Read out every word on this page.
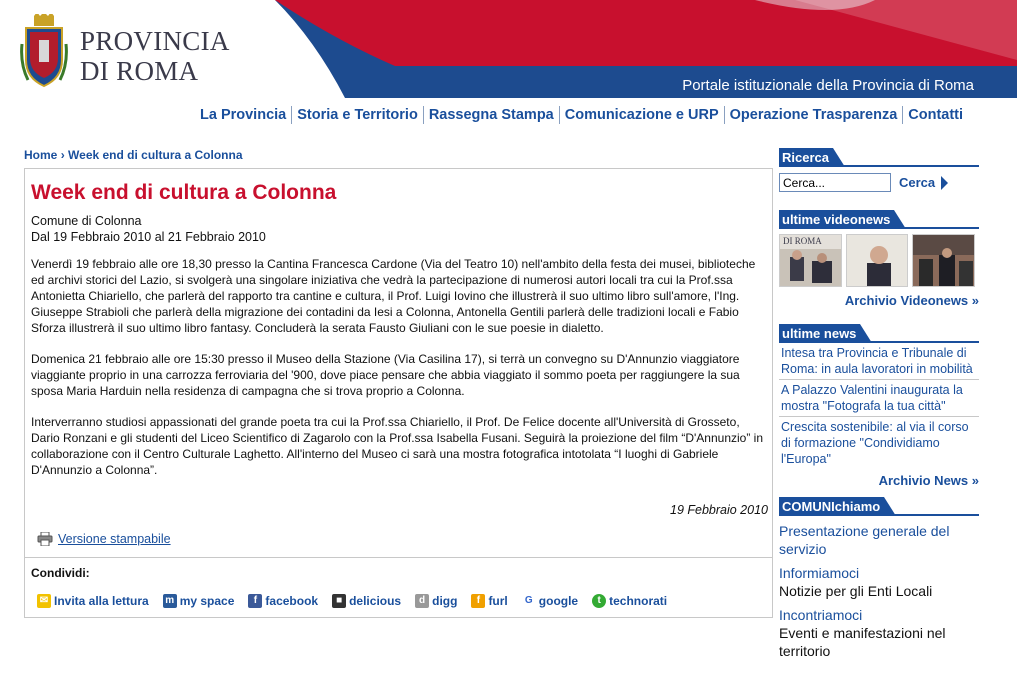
PROVINCIA
DI ROMA	Portale istituzionale della Provincia di Roma
La Provincia Storia e Territorio Rassegna Stampa Comunicazione e URP Operazione Trasparenza Contatti
Home › Week end di cultura a Colonna
Week end di cultura a Colonna
Comune di Colonna
Dal 19 Febbraio 2010 al 21 Febbraio 2010

Venerdì 19 febbraio alle ore 18,30 presso la Cantina Francesca Cardone (Via del Teatro 10) nell'ambito della festa dei musei, biblioteche ed archivi storici del Lazio, si svolgerà una singolare iniziativa che vedrà la partecipazione di numerosi autori locali tra cui la Prof.ssa Antonietta Chiariello, che parlerà del rapporto tra cantine e cultura, il Prof. Luigi Iovino che illustrerà il suo ultimo libro sull'amore, l'Ing. Giuseppe Strabioli che parlerà della migrazione dei contadini da Iesi a Colonna, Antonella Gentili parlerà delle tradizioni locali e Fabio Sforza illustrerà il suo ultimo libro fantasy. Concluderà la serata Fausto Giuliani con le sue poesie in dialetto.

Domenica 21 febbraio alle ore 15:30 presso il Museo della Stazione (Via Casilina 17), si terrà un convegno su D'Annunzio viaggiatore viaggiante proprio in una carrozza ferroviaria del '900, dove piace pensare che abbia viaggiato il sommo poeta per raggiungere la sua sposa Maria Harduin nella residenza di campagna che si trova proprio a Colonna.

Interverranno studiosi appassionati del grande poeta tra cui la Prof.ssa Chiariello, il Prof. De Felice docente all'Università di Grosseto, Dario Ronzani e gli studenti del Liceo Scientifico di Zagarolo con la Prof.ssa Isabella Fusani. Seguirà la proiezione del film “D'Annunzio” in collaborazione con il Centro Culturale Laghetto. All'interno del Museo ci sarà una mostra fotografica intotolata “I luoghi di Gabriele D'Annunzio a Colonna”.

19 Febbraio 2010
Versione stampabile
Condividi:
✉ Invita alla lettura m my space	f facebook	■ delicious	d digg	f furl	G google	t technorati
Ricerca
Cerca...
Cerca
ultime videonews
DI ROMA
Archivio Videonews »
ultime news
Intesa tra Provincia e Tribunale di Roma: in aula lavoratori in mobilità
A Palazzo Valentini inaugurata la mostra "Fotografa la tua città"
Crescita sostenibile: al via il corso di formazione "Condividiamo l'Europa"
Archivio News »
COMUNIchiamo
Presentazione generale del servizio
Informiamoci
Notizie per gli Enti Locali
Incontriamoci
Eventi e manifestazioni nel territorio
